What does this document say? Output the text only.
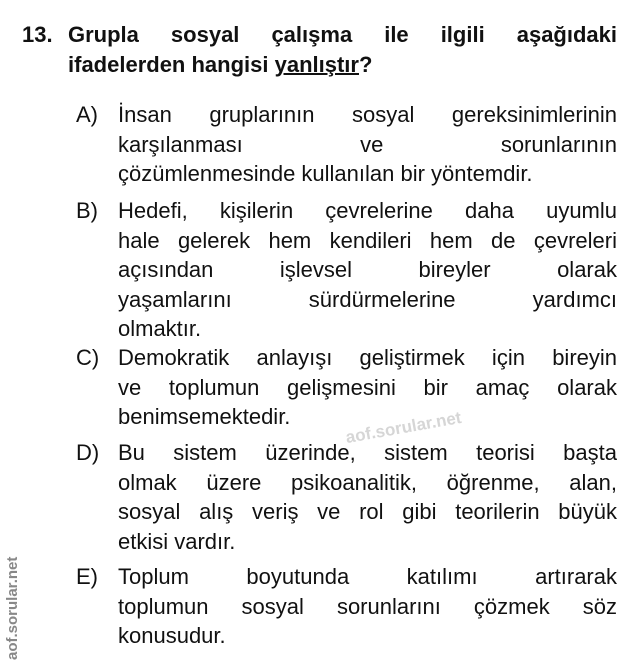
13. Grupla sosyal çalışma ile ilgili aşağıdaki
ifadelerden hangisi yanlıştır?
A) İnsan gruplarının sosyal gereksinimlerinin
karşılanması ve sorunlarının
çözümlenmesinde kullanılan bir yöntemdir.
B) Hedefi, kişilerin çevrelerine daha uyumlu
hale gelerek hem kendileri hem de çevreleri
açısından işlevsel bireyler olarak
yaşamlarını sürdürmelerine yardımcı
olmaktır.
C) Demokratik anlayışı geliştirmek için bireyin
ve toplumun gelişmesini bir amaç olarak
benimsemektedir.
D) Bu sistem üzerinde, sistem teorisi başta
olmak üzere psikoanalitik, öğrenme, alan,
sosyal alış veriş ve rol gibi teorilerin büyük
etkisi vardır.
E) Toplum boyutunda katılımı artırarak
toplumun sosyal sorunlarını çözmek söz
konusudur.
aof.sorular.net
aof.sorular.net
